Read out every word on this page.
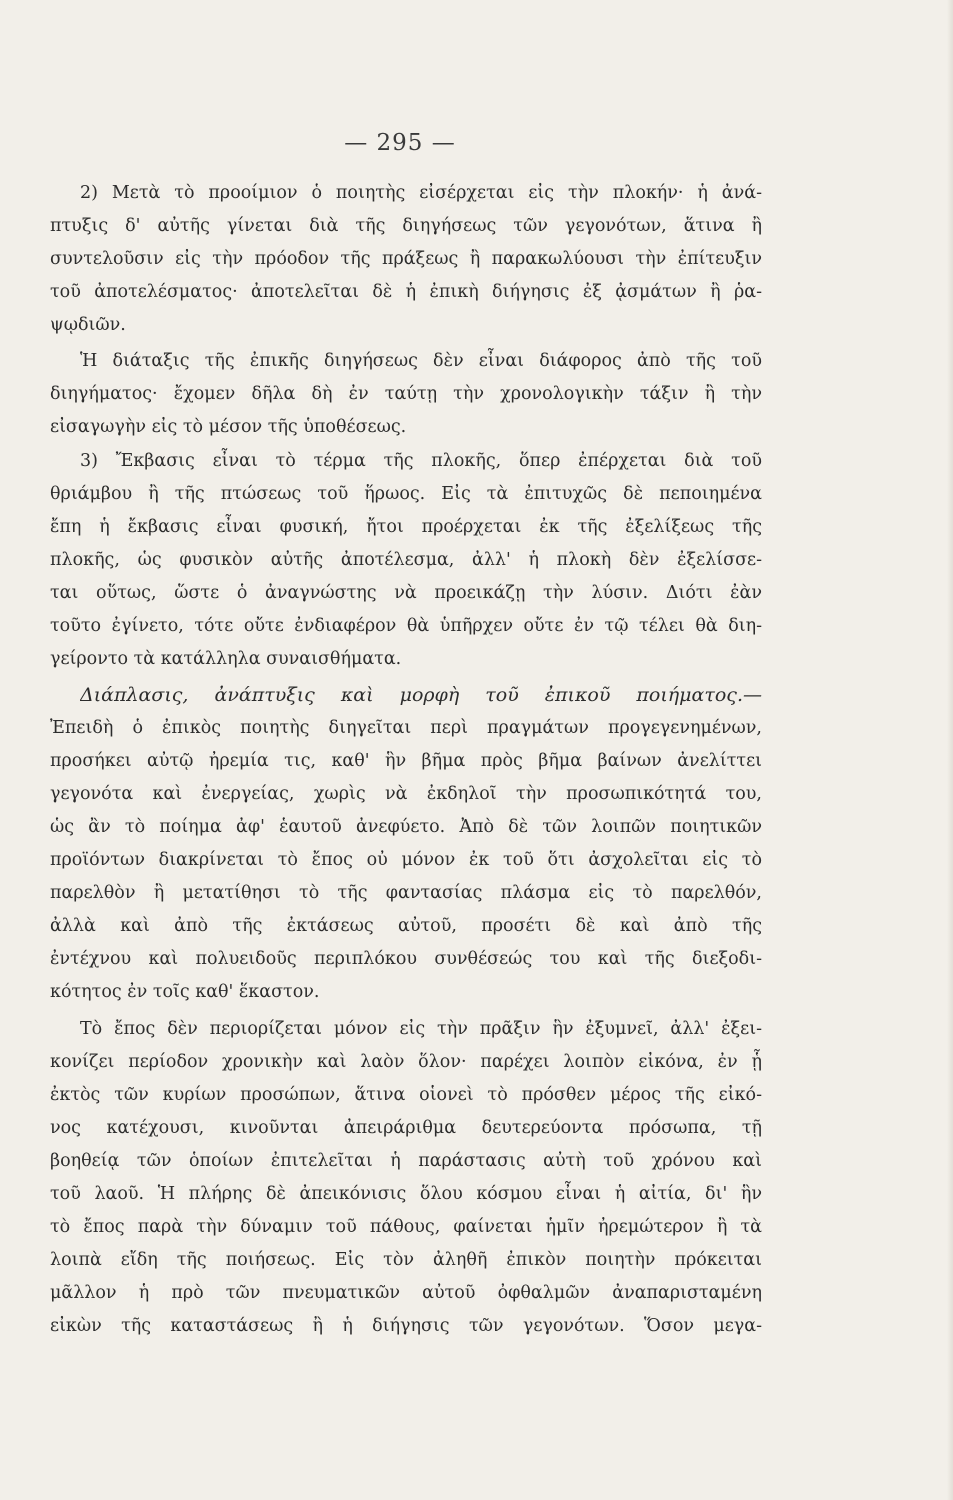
— 295 —
2) Μετὰ τὸ προοίμιον ὁ ποιητὴς εἰσέρχεται εἰς τὴν πλοκήν· ἡ ἀνά-
πτυξις δ' αὐτῆς γίνεται διὰ τῆς διηγήσεως τῶν γεγονότων, ἅτινα ἢ
συντελοῦσιν εἰς τὴν πρόοδον τῆς πράξεως ἢ παρακωλύουσι τὴν ἐπίτευξιν
τοῦ ἀποτελέσματος· ἀποτελεῖται δὲ ἡ ἐπικὴ διήγησις ἐξ ᾀσμάτων ἢ ῥα-
ψῳδιῶν.
Ἡ διάταξις τῆς ἐπικῆς διηγήσεως δὲν εἶναι διάφορος ἀπὸ τῆς τοῦ
διηγήματος· ἔχομεν δῆλα δὴ ἐν ταύτῃ τὴν χρονολογικὴν τάξιν ἢ τὴν
εἰσαγωγὴν εἰς τὸ μέσον τῆς ὑποθέσεως.
3) Ἔκβασις εἶναι τὸ τέρμα τῆς πλοκῆς, ὅπερ ἐπέρχεται διὰ τοῦ
θριάμβου ἢ τῆς πτώσεως τοῦ ἥρωος. Εἰς τὰ ἐπιτυχῶς δὲ πεποιημένα
ἔπη ἡ ἔκβασις εἶναι φυσική, ἤτοι προέρχεται ἐκ τῆς ἐξελίξεως τῆς
πλοκῆς, ὡς φυσικὸν αὐτῆς ἀποτέλεσμα, ἀλλ' ἡ πλοκὴ δὲν ἐξελίσσε-
ται οὕτως, ὥστε ὁ ἀναγνώστης νὰ προεικάζῃ τὴν λύσιν. Διότι ἐὰν
τοῦτο ἐγίνετο, τότε οὔτε ἐνδιαφέρον θὰ ὑπῆρχεν οὔτε ἐν τῷ τέλει θὰ διη-
γείροντο τὰ κατάλληλα συναισθήματα.
Διάπλασις, ἀνάπτυξις καὶ μορφὴ τοῦ ἐπικοῦ ποιήματος.—
Ἐπειδὴ ὁ ἐπικὸς ποιητὴς διηγεῖται περὶ πραγμάτων προγεγενημένων,
προσήκει αὐτῷ ἠρεμία τις, καθ' ἣν βῆμα πρὸς βῆμα βαίνων ἀνελίττει
γεγονότα καὶ ἐνεργείας, χωρὶς νὰ ἐκδηλοῖ τὴν προσωπικότητά του,
ὡς ἂν τὸ ποίημα ἀφ' ἑαυτοῦ ἀνεφύετο. Ἀπὸ δὲ τῶν λοιπῶν ποιητικῶν
προϊόντων διακρίνεται τὸ ἔπος οὐ μόνον ἐκ τοῦ ὅτι ἀσχολεῖται εἰς τὸ
παρελθὸν ἢ μετατίθησι τὸ τῆς φαντασίας πλάσμα εἰς τὸ παρελθόν,
ἀλλὰ καὶ ἀπὸ τῆς ἐκτάσεως αὐτοῦ, προσέτι δὲ καὶ ἀπὸ τῆς
ἐντέχνου καὶ πολυειδοῦς περιπλόκου συνθέσεώς του καὶ τῆς διεξοδι-
κότητος ἐν τοῖς καθ' ἕκαστον.
Τὸ ἔπος δὲν περιορίζεται μόνον εἰς τὴν πρᾶξιν ἣν ἐξυμνεῖ, ἀλλ' ἐξει-
κονίζει περίοδον χρονικὴν καὶ λαὸν ὅλον· παρέχει λοιπὸν εἰκόνα, ἐν ᾗ
ἐκτὸς τῶν κυρίων προσώπων, ἅτινα οἱονεὶ τὸ πρόσθεν μέρος τῆς εἰκό-
νος κατέχουσι, κινοῦνται ἀπειράριθμα δευτερεύοντα πρόσωπα, τῇ
βοηθείᾳ τῶν ὁποίων ἐπιτελεῖται ἡ παράστασις αὐτὴ τοῦ χρόνου καὶ
τοῦ λαοῦ. Ἡ πλήρης δὲ ἀπεικόνισις ὅλου κόσμου εἶναι ἡ αἰτία, δι' ἣν
τὸ ἔπος παρὰ τὴν δύναμιν τοῦ πάθους, φαίνεται ἡμῖν ἠρεμώτερον ἢ τὰ
λοιπὰ εἴδη τῆς ποιήσεως. Εἰς τὸν ἀληθῆ ἐπικὸν ποιητὴν πρόκειται
μᾶλλον ἡ πρὸ τῶν πνευματικῶν αὐτοῦ ὀφθαλμῶν ἀναπαρισταμένη
εἰκὼν τῆς καταστάσεως ἢ ἡ διήγησις τῶν γεγονότων. Ὅσον μεγα-
